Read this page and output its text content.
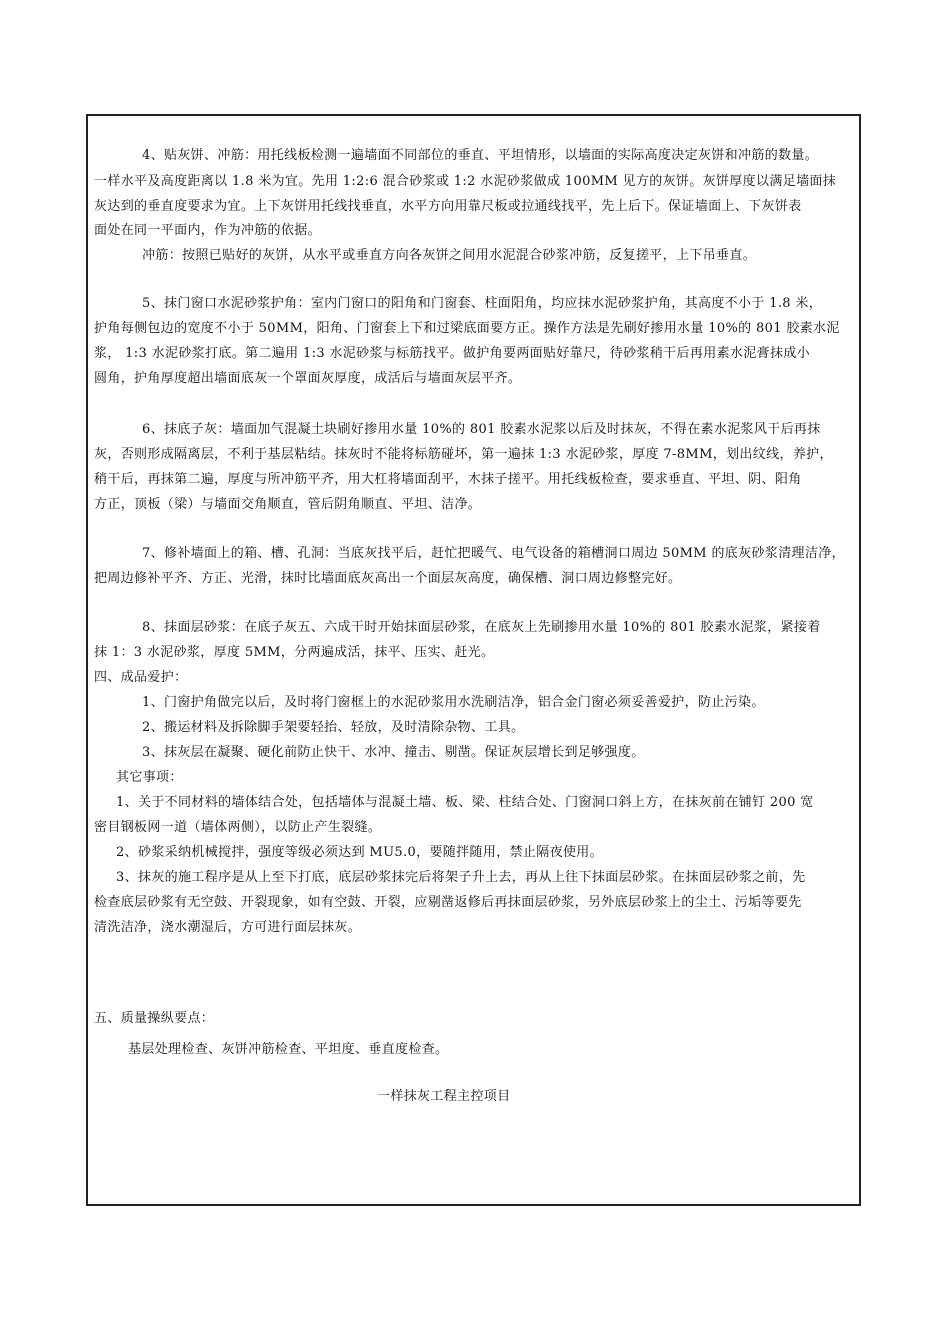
4、贴灰饼、冲筋：用托线板检测一遍墙面不同部位的垂直、平坦情形，以墙面的实际高度决定灰饼和冲筋的数量。
一样水平及高度距离以 1.8 米为宜。先用 1:2:6 混合砂浆或 1:2 水泥砂浆做成 100MM 见方的灰饼。灰饼厚度以满足墙面抹
灰达到的垂直度要求为宜。上下灰饼用托线找垂直，水平方向用靠尺板或拉通线找平，先上后下。保证墙面上、下灰饼表
面处在同一平面内，作为冲筋的依据。
冲筋：按照已贴好的灰饼，从水平或垂直方向各灰饼之间用水泥混合砂浆冲筋，反复搓平，上下吊垂直。
5、抹门窗口水泥砂浆护角：室内门窗口的阳角和门窗套、柱面阳角，均应抹水泥砂浆护角，其高度不小于 1.8 米，
护角每侧包边的宽度不小于 50MM，阳角、门窗套上下和过梁底面要方正。操作方法是先刷好掺用水量 10%的 801 胶素水泥
浆， 1:3 水泥砂浆打底。第二遍用 1:3 水泥砂浆与标筋找平。做护角要两面贴好靠尺，待砂浆稍干后再用素水泥膏抹成小
圆角，护角厚度超出墙面底灰一个罩面灰厚度，成活后与墙面灰层平齐。
6、抹底子灰：墙面加气混凝土块刷好掺用水量 10%的 801 胶素水泥浆以后及时抹灰，不得在素水泥浆风干后再抹
灰，否则形成隔离层，不利于基层粘结。抹灰时不能将标筋碰坏，第一遍抹 1:3 水泥砂浆，厚度 7-8MM，划出纹线，养护，
稍干后，再抹第二遍，厚度与所冲筋平齐，用大杠将墙面刮平，木抹子搓平。用托线板检查，要求垂直、平坦、阴、阳角
方正，顶板（梁）与墙面交角顺直，管后阴角顺直、平坦、洁净。
7、修补墙面上的箱、槽、孔洞：当底灰找平后，赶忙把暖气、电气设备的箱槽洞口周边 50MM 的底灰砂浆清理洁净，
把周边修补平齐、方正、光滑，抹时比墙面底灰高出一个面层灰高度，确保槽、洞口周边修整完好。
8、抹面层砂浆：在底子灰五、六成干时开始抹面层砂浆，在底灰上先刷掺用水量 10%的 801 胶素水泥浆，紧接着
抹 1：3 水泥砂浆，厚度 5MM，分两遍成活，抹平、压实、赶光。
四、成品爱护：
1、门窗护角做完以后，及时将门窗框上的水泥砂浆用水洗刷洁净，铝合金门窗必须妥善爱护，防止污染。
2、搬运材料及拆除脚手架要轻抬、轻放，及时清除杂物、工具。
3、抹灰层在凝聚、硬化前防止快干、水冲、撞击、剔凿。保证灰层增长到足够强度。
其它事项：
1、关于不同材料的墙体结合处，包括墙体与混凝土墙、板、梁、柱结合处、门窗洞口斜上方，在抹灰前在铺钉 200 宽
密目钢板网一道（墙体两侧），以防止产生裂缝。
2、砂浆采纳机械搅拌，强度等级必须达到 MU5.0，要随拌随用，禁止隔夜使用。
3、抹灰的施工程序是从上至下打底，底层砂浆抹完后将架子升上去，再从上往下抹面层砂浆。在抹面层砂浆之前，先
检查底层砂浆有无空鼓、开裂现象，如有空鼓、开裂，应剔凿返修后再抹面层砂浆，另外底层砂浆上的尘土、污垢等要先
清洗洁净，浇水潮湿后，方可进行面层抹灰。
五、质量操纵要点：
基层处理检查、灰饼冲筋检查、平坦度、垂直度检查。
一样抹灰工程主控项目
